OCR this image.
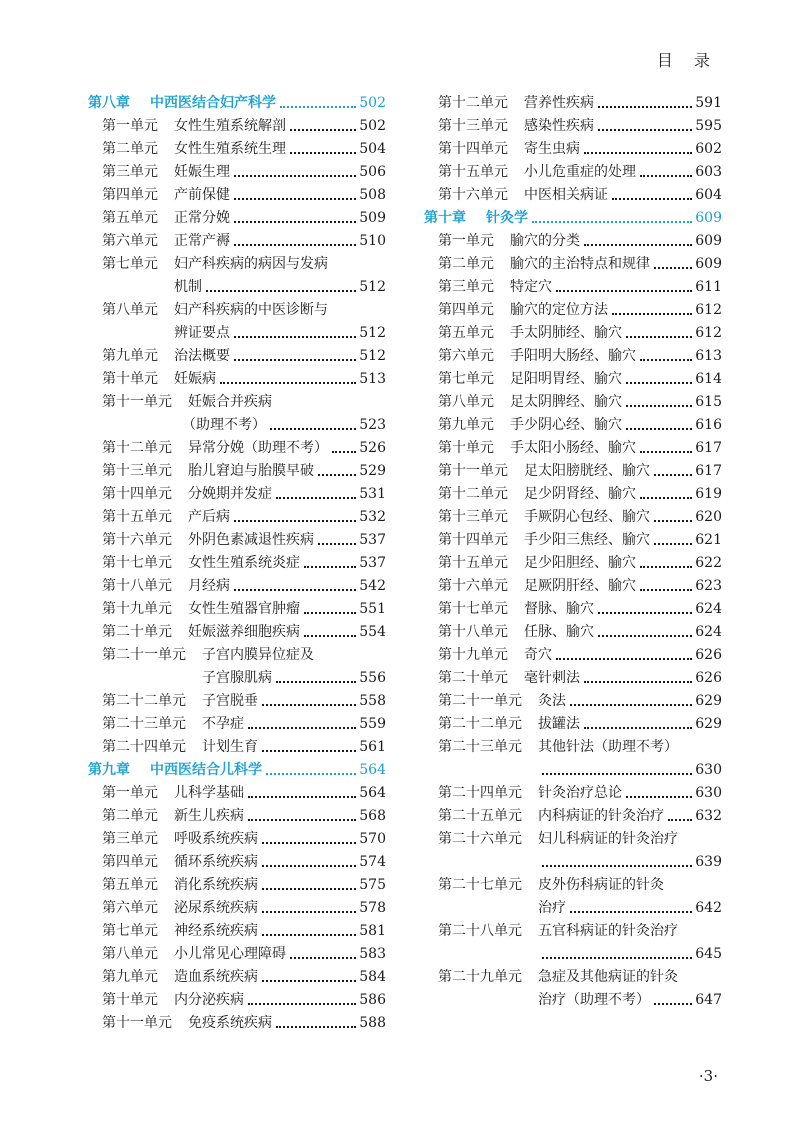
目 录
第八章 中西医结合妇产科学	502
第一单元 女性生殖系统解剖	502
第二单元 女性生殖系统生理	504
第三单元 妊娠生理	506
第四单元 产前保健	508
第五单元 正常分娩	509
第六单元 正常产褥	510
第七单元 妇产科疾病的病因与发病
机制	512
第八单元 妇产科疾病的中医诊断与
辨证要点	512
第九单元 治法概要	512
第十单元 妊娠病	513
第十一单元 妊娠合并疾病
（助理不考）	523
第十二单元 异常分娩（助理不考） 526
第十三单元 胎儿窘迫与胎膜早破	529
第十四单元 分娩期并发症	531
第十五单元 产后病	532
第十六单元 外阴色素减退性疾病	537
第十七单元 女性生殖系统炎症	537
第十八单元 月经病	542
第十九单元 女性生殖器官肿瘤	551
第二十单元 妊娠滋养细胞疾病	554
第二十一单元 子宫内膜异位症及
子宫腺肌病	556
第二十二单元 子宫脱垂	558
第二十三单元 不孕症	559
第二十四单元 计划生育	561
第九章 中西医结合儿科学	564
第一单元 儿科学基础	564
第二单元 新生儿疾病	568
第三单元 呼吸系统疾病	570
第四单元 循环系统疾病	574
第五单元 消化系统疾病	575
第六单元 泌尿系统疾病	578
第七单元 神经系统疾病	581
第八单元 小儿常见心理障碍	583
第九单元 造血系统疾病	584
第十单元 内分泌疾病	586
第十一单元 免疫系统疾病	588
第十二单元 营养性疾病	591
第十三单元 感染性疾病	595
第十四单元 寄生虫病	602
第十五单元 小儿危重症的处理	603
第十六单元 中医相关病证	604
第十章 针灸学	609
第一单元 腧穴的分类	609
第二单元 腧穴的主治特点和规律	609
第三单元 特定穴	611
第四单元 腧穴的定位方法	612
第五单元 手太阴肺经、腧穴	612
第六单元 手阳明大肠经、腧穴	613
第七单元 足阳明胃经、腧穴	614
第八单元 足太阴脾经、腧穴	615
第九单元 手少阴心经、腧穴	616
第十单元 手太阳小肠经、腧穴	617
第十一单元 足太阳膀胱经、腧穴	617
第十二单元 足少阴肾经、腧穴	619
第十三单元 手厥阴心包经、腧穴	620
第十四单元 手少阳三焦经、腧穴	621
第十五单元 足少阳胆经、腧穴	622
第十六单元 足厥阴肝经、腧穴	623
第十七单元 督脉、腧穴	624
第十八单元 任脉、腧穴	624
第十九单元 奇穴	626
第二十单元 毫针刺法	626
第二十一单元 灸法	629
第二十二单元 拔罐法	629
第二十三单元 其他针法（助理不考）
630
第二十四单元 针灸治疗总论	630
第二十五单元 内科病证的针灸治疗 632
第二十六单元 妇儿科病证的针灸治疗
639
第二十七单元 皮外伤科病证的针灸
治疗	642
第二十八单元 五官科病证的针灸治疗
645
第二十九单元 急症及其他病证的针灸
治疗（助理不考）	647
·3·
